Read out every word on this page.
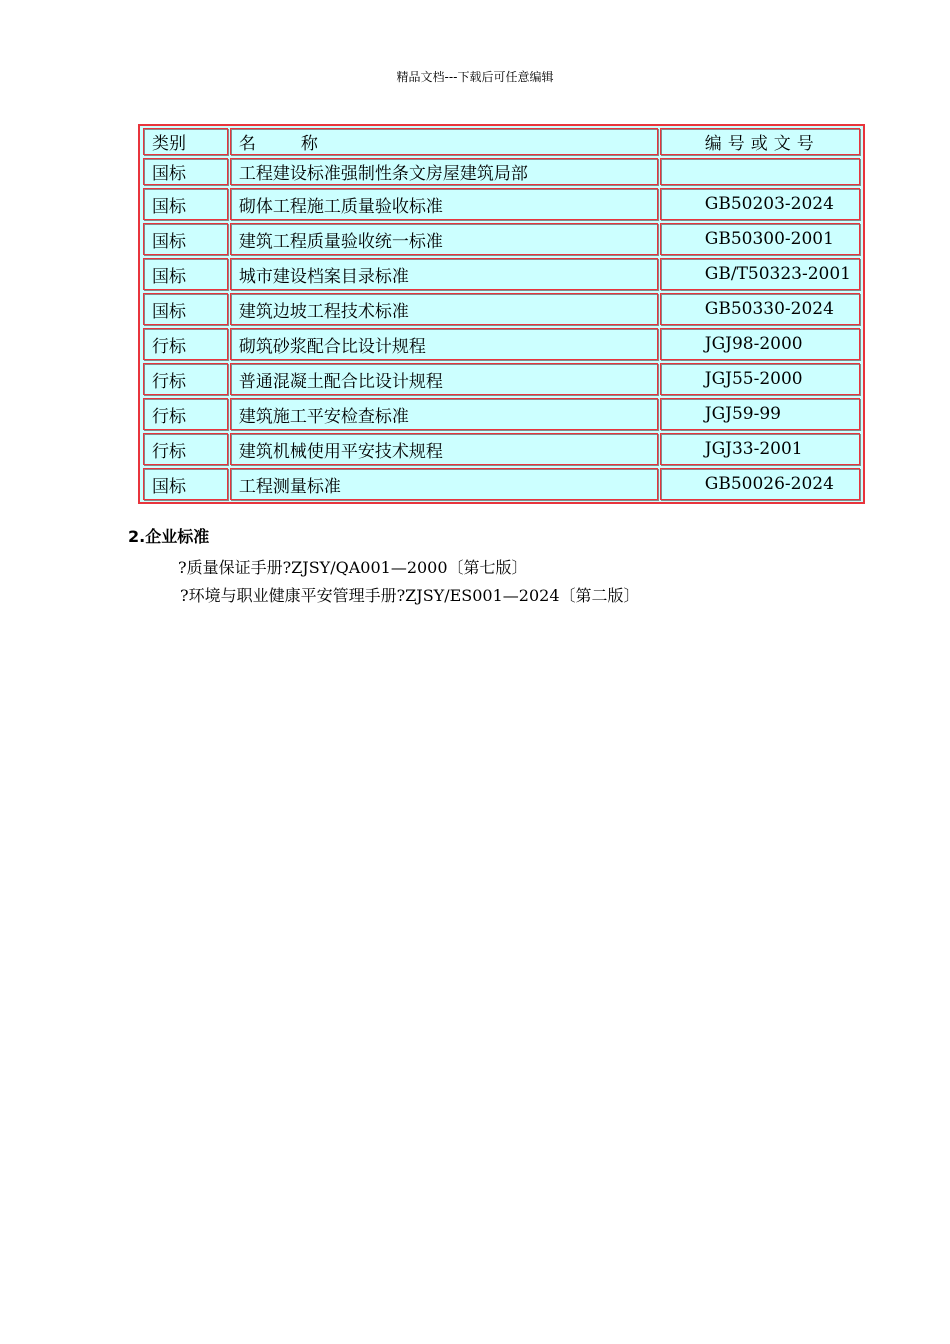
精品文档---下载后可任意编辑
类别	名 称	编号或文号
国标	工程建设标准强制性条文房屋建筑局部	
国标	砌体工程施工质量验收标准	GB50203-2024
国标	建筑工程质量验收统一标准	GB50300-2001
国标	城市建设档案目录标准	GB/T50323-2001
国标	建筑边坡工程技术标准	GB50330-2024
行标	砌筑砂浆配合比设计规程	JGJ98-2000
行标	普通混凝土配合比设计规程	JGJ55-2000
行标	建筑施工平安检查标准	JGJ59-99
行标	建筑机械使用平安技术规程	JGJ33-2001
国标	工程测量标准	GB50026-2024
2.企业标准
?质量保证手册?ZJSY/QA001—2000〔第七版〕
?环境与职业健康平安管理手册?ZJSY/ES001—2024〔第二版〕
